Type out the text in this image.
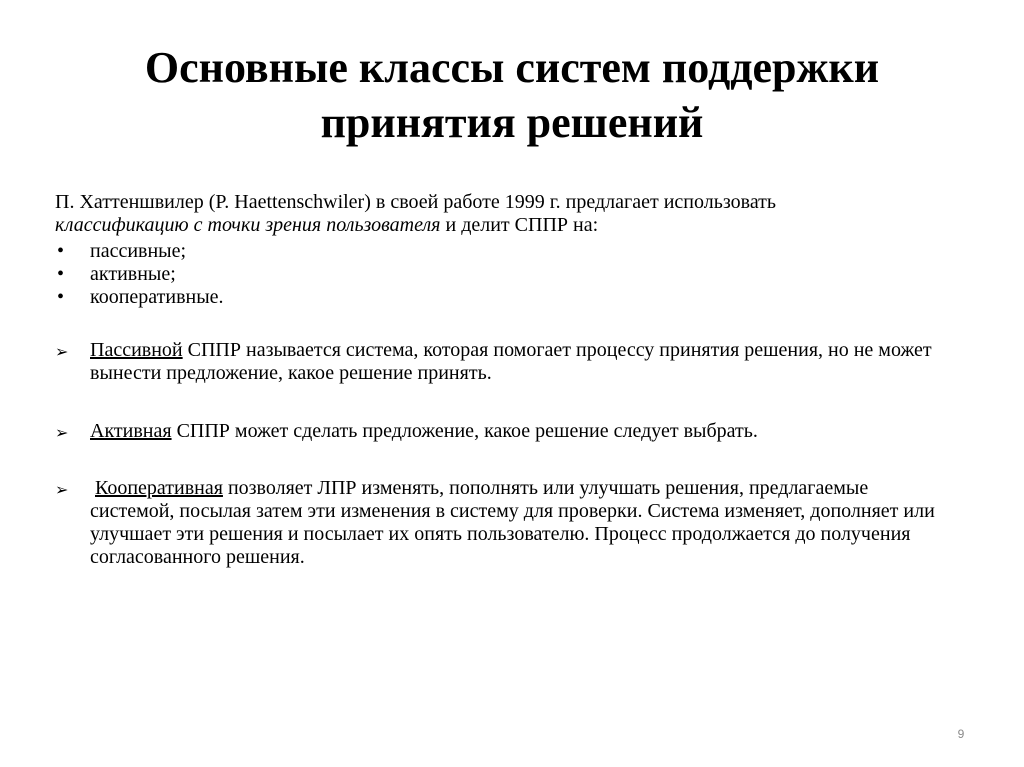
Основные классы систем поддержки
принятия решений

П. Хаттеншвилер (P. Haettenschwiler) в своей работе 1999 г. предлагает использовать
классификацию с точки зрения пользователя и делит СППР на:

• пассивные;
• активные;
• кооперативные.
➢ Пассивной СППР называется система, которая помогает процессу принятия решения, но не может вынести предложение, какое решение принять.
➢ Активная СППР может сделать предложение, какое решение следует выбрать.
➢ Кооперативная позволяет ЛПР изменять, пополнять или улучшать решения, предлагаемые системой, посылая затем эти изменения в систему для проверки. Система изменяет, дополняет или улучшает эти решения и посылает их опять пользователю. Процесс продолжается до получения согласованного решения.
9
